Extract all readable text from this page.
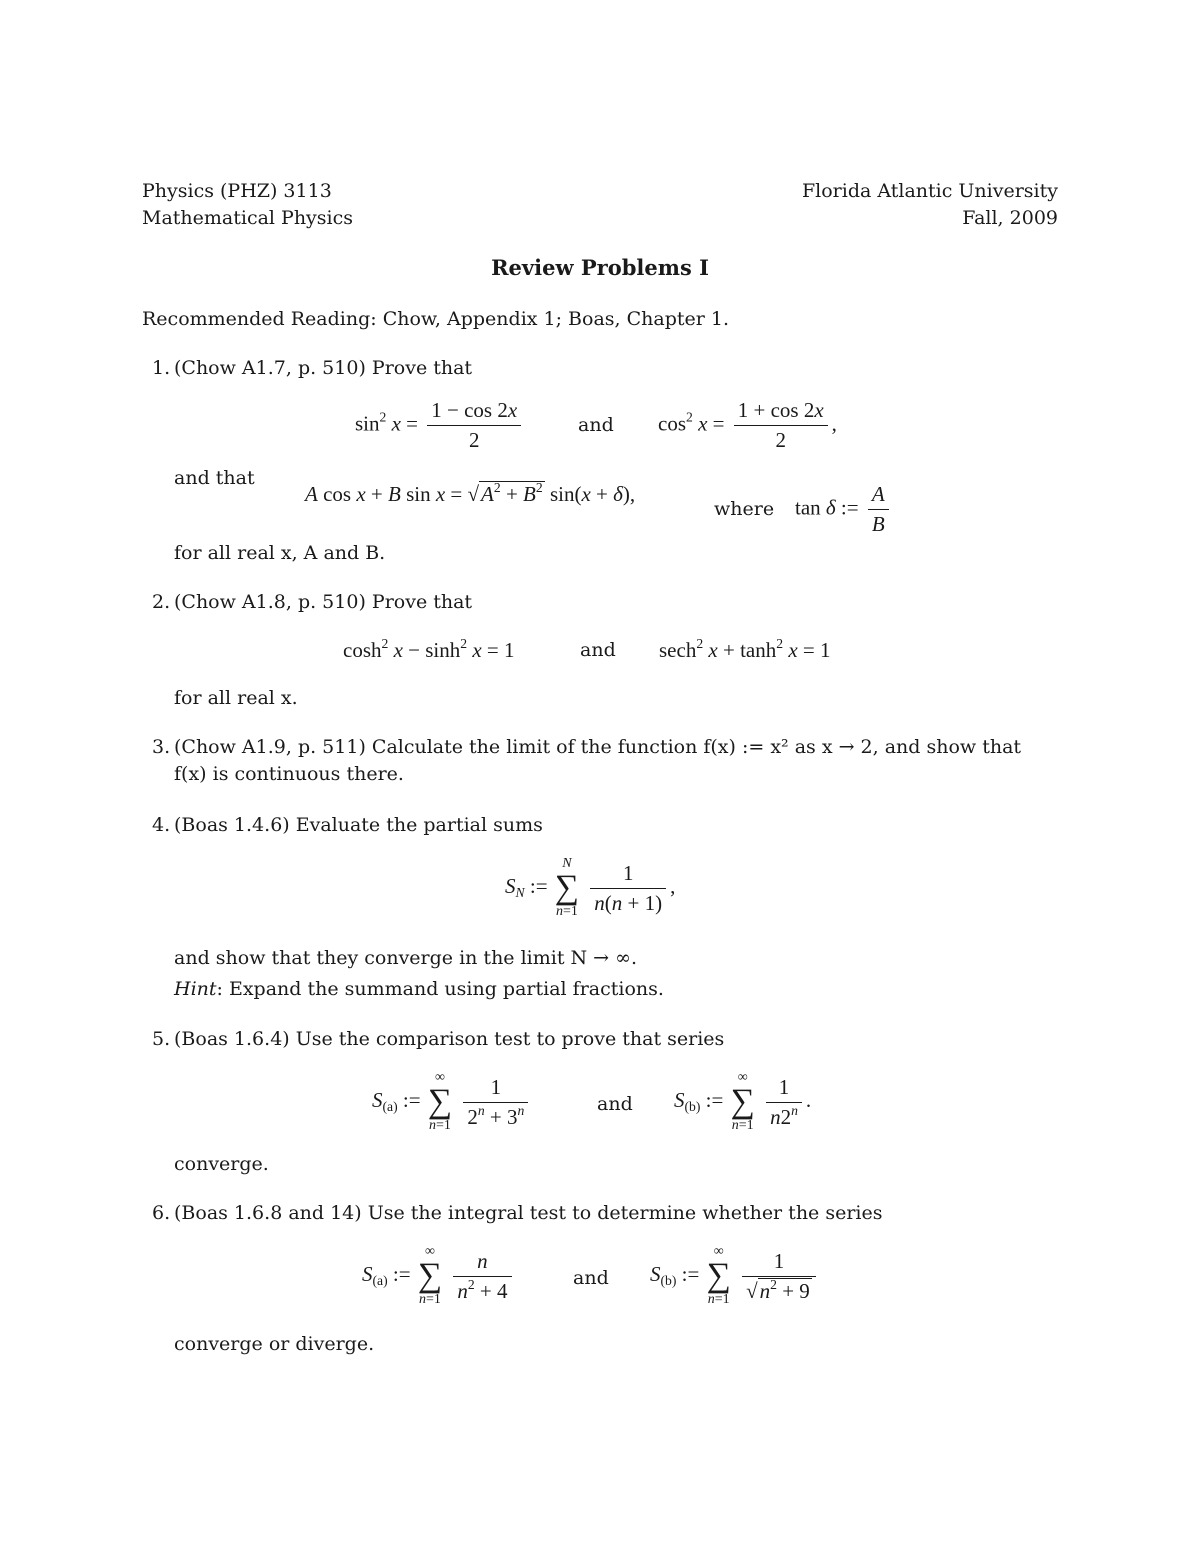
Physics (PHZ) 3113
Mathematical Physics
Florida Atlantic University
Fall, 2009
Review Problems I
Recommended Reading: Chow, Appendix 1; Boas, Chapter 1.
1. (Chow A1.7, p. 510) Prove that
$\sin^2 x = \frac{1 - \cos 2x}{2}$	and $\cos^2 x = \frac{1 + \cos 2x}{2}$ ,
and that
A cos x + B $\sin x = √A^2 + B^2$ sin(x + δ),
where tan δ := $\frac{A}{B}$
for all real x, A and B.
2. (Chow A1.8, p. 510) Prove that
$\cosh^2 x - \sinh^2 x = 1$	and sech$^2$ $x + \tanh^2 x = 1$
for all real x.
3. (Chow A1.9, p. 511) Calculate the limit of the function f(x) := x² as x → 2, and show that
f(x) is continuous there.
4. (Boas 1.4.6) Evaluate the partial sums
$S_N$ :=
N
∑
n=1
$\frac{1}{n(n + 1)}$ ,
and show that they converge in the limit N → ∞.
Hint: Expand the summand using partial fractions.
5. (Boas 1.6.4) Use the comparison test to prove that series
$S_{(a)}$ :=
∞
∑
n=1
$\frac{1}{2^n + 3^n}$	and $S_{(b)}$ :=
∞
∑
n=1
$\frac{1}{n2^n}$ .
converge.
6. (Boas 1.6.8 and 14) Use the integral test to determine whether the series
$S_{(a)}$ :=
∞
∑
n=1
$\frac{n}{n^2 + 4}$	and $S_{(b)}$ :=
∞
∑
n=1
$\frac{1}{√n^2 + 9}$
converge or diverge.
